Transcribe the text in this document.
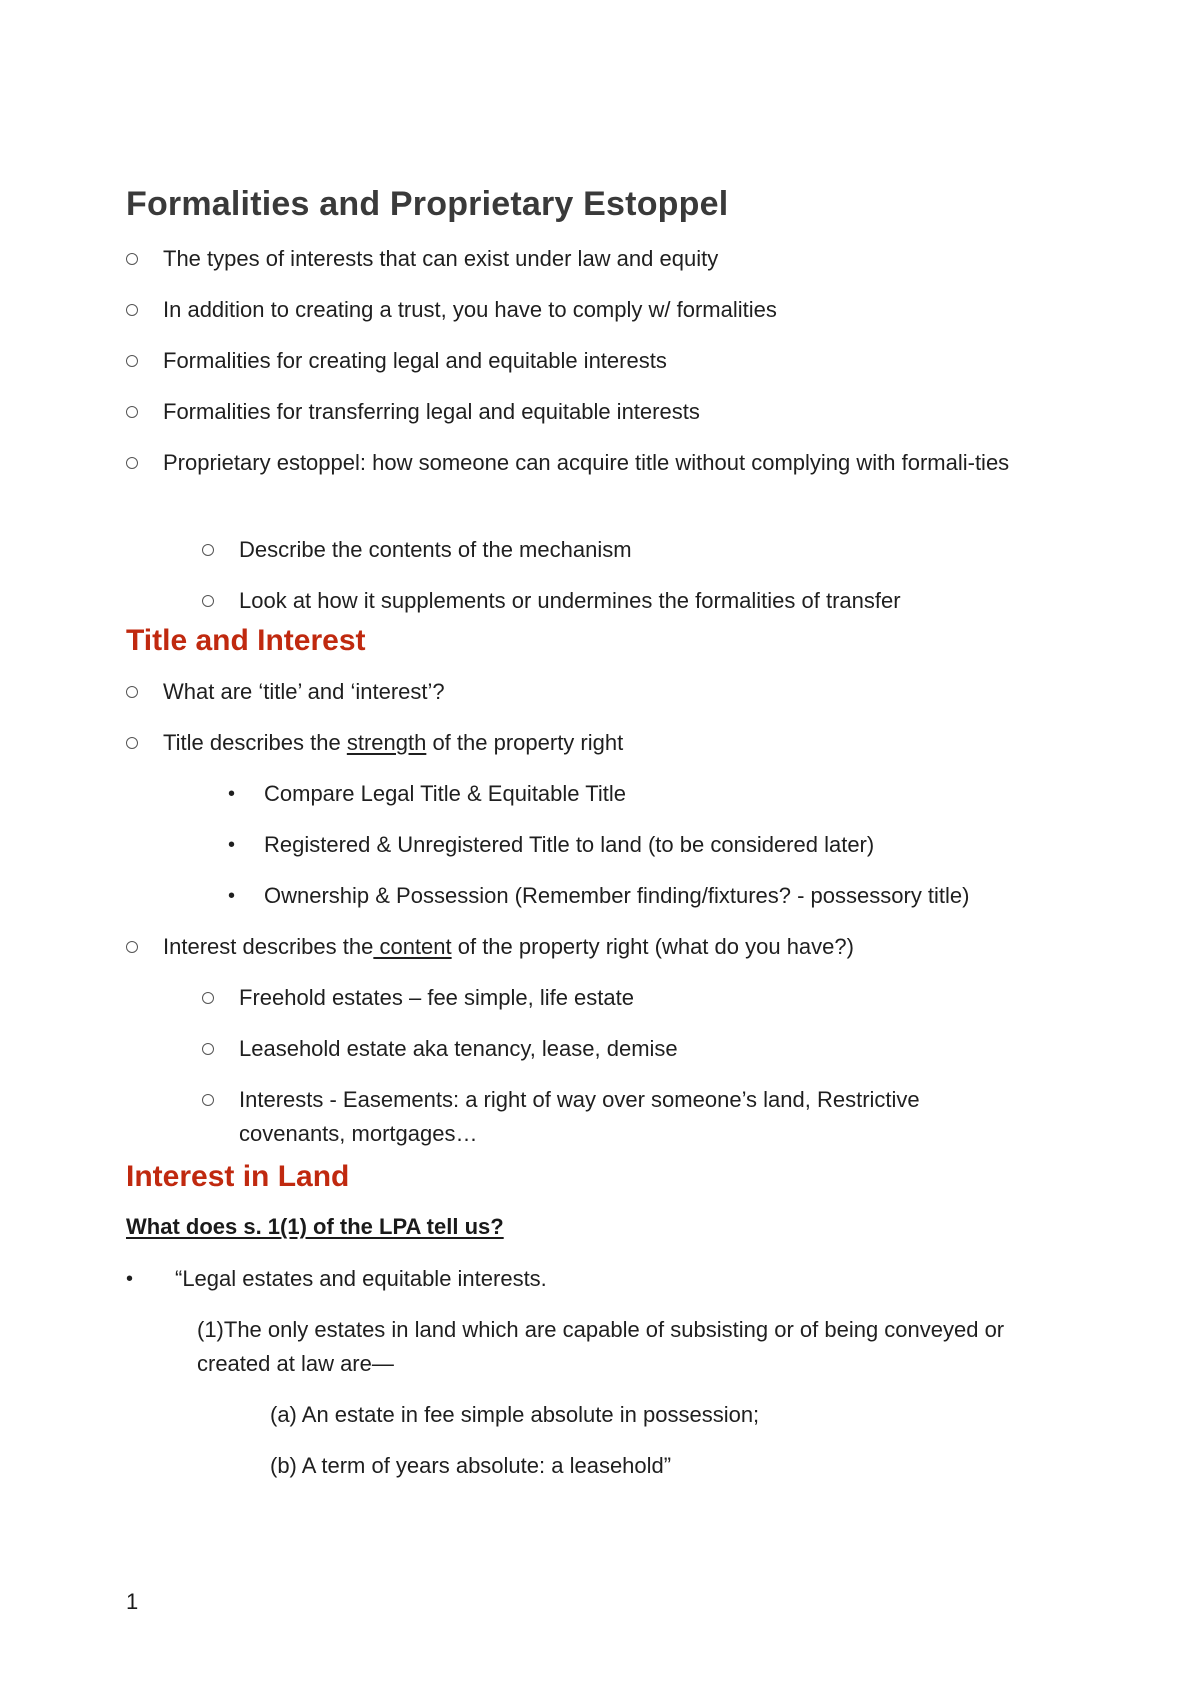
Formalities and Proprietary Estoppel
The types of interests that can exist under law and equity
In addition to creating a trust, you have to comply w/ formalities
Formalities for creating legal and equitable interests
Formalities for transferring legal and equitable interests
Proprietary estoppel: how someone can acquire title without complying with formali-ties
Describe the contents of the mechanism
Look at how it supplements or undermines the formalities of transfer
Title and Interest
What are ‘title’ and ‘interest’?
Title describes the strength of the property right
• Compare Legal Title & Equitable Title
• Registered & Unregistered Title to land (to be considered later)
• Ownership & Possession (Remember finding/fixtures? - possessory title)
Interest describes the content of the property right (what do you have?)
Freehold estates – fee simple, life estate
Leasehold estate aka tenancy, lease, demise
Interests - Easements: a right of way over someone’s land, Restrictive covenants, mortgages…
Interest in Land
What does s. 1(1) of the LPA tell us?
• “Legal estates and equitable interests.
(1)The only estates in land which are capable of subsisting or of being conveyed or created at law are—
(a) An estate in fee simple absolute in possession;
(b) A term of years absolute: a leasehold”
1
